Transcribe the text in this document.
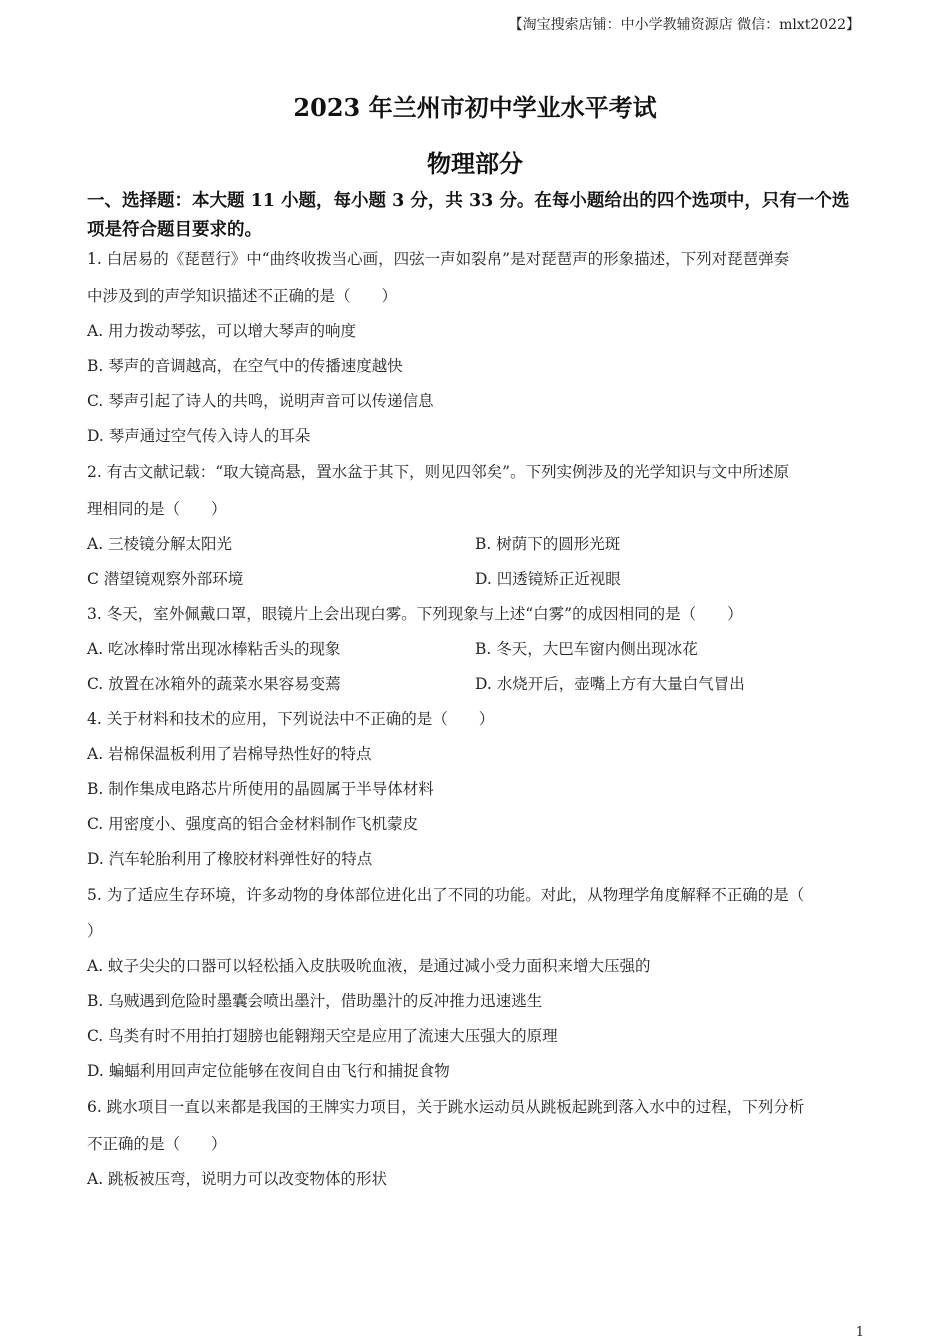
【淘宝搜索店铺：中小学教辅资源店 微信：mlxt2022】
2023 年兰州市初中学业水平考试
物理部分
一、选择题：本大题 11 小题，每小题 3 分，共 33 分。在每小题给出的四个选项中，只有一个选项是符合题目要求的。
1. 白居易的《琵琶行》中“曲终收拨当心画，四弦一声如裂帛”是对琵琶声的形象描述，下列对琵琶弹奏
中涉及到的声学知识描述不正确的是（　　）
A. 用力拨动琴弦，可以增大琴声的响度
B. 琴声的音调越高，在空气中的传播速度越快
C. 琴声引起了诗人的共鸣，说明声音可以传递信息
D. 琴声通过空气传入诗人的耳朵
2. 有古文献记载：“取大镜高悬，置水盆于其下，则见四邻矣”。下列实例涉及的光学知识与文中所述原
理相同的是（　　）
A. 三棱镜分解太阳光	B. 树荫下的圆形光斑
C 潜望镜观察外部环境	D. 凹透镜矫正近视眼
3. 冬天，室外佩戴口罩，眼镜片上会出现白雾。下列现象与上述“白雾”的成因相同的是（　　）
A. 吃冰棒时常出现冰棒粘舌头的现象	B. 冬天，大巴车窗内侧出现冰花
C. 放置在冰箱外的蔬菜水果容易变蔫	D. 水烧开后，壶嘴上方有大量白气冒出
4. 关于材料和技术的应用，下列说法中不正确的是（　　）
A. 岩棉保温板利用了岩棉导热性好的特点
B. 制作集成电路芯片所使用的晶圆属于半导体材料
C. 用密度小、强度高的铝合金材料制作飞机蒙皮
D. 汽车轮胎利用了橡胶材料弹性好的特点
5. 为了适应生存环境，许多动物的身体部位进化出了不同的功能。对此，从物理学角度解释不正确的是（
）
A. 蚊子尖尖的口器可以轻松插入皮肤吸吮血液，是通过减小受力面积来增大压强的
B. 乌贼遇到危险时墨囊会喷出墨汁，借助墨汁的反冲推力迅速逃生
C. 鸟类有时不用拍打翅膀也能翱翔天空是应用了流速大压强大的原理
D. 蝙蝠利用回声定位能够在夜间自由飞行和捕捉食物
6. 跳水项目一直以来都是我国的王牌实力项目，关于跳水运动员从跳板起跳到落入水中的过程，下列分析
不正确的是（　　）
A. 跳板被压弯，说明力可以改变物体的形状
1
